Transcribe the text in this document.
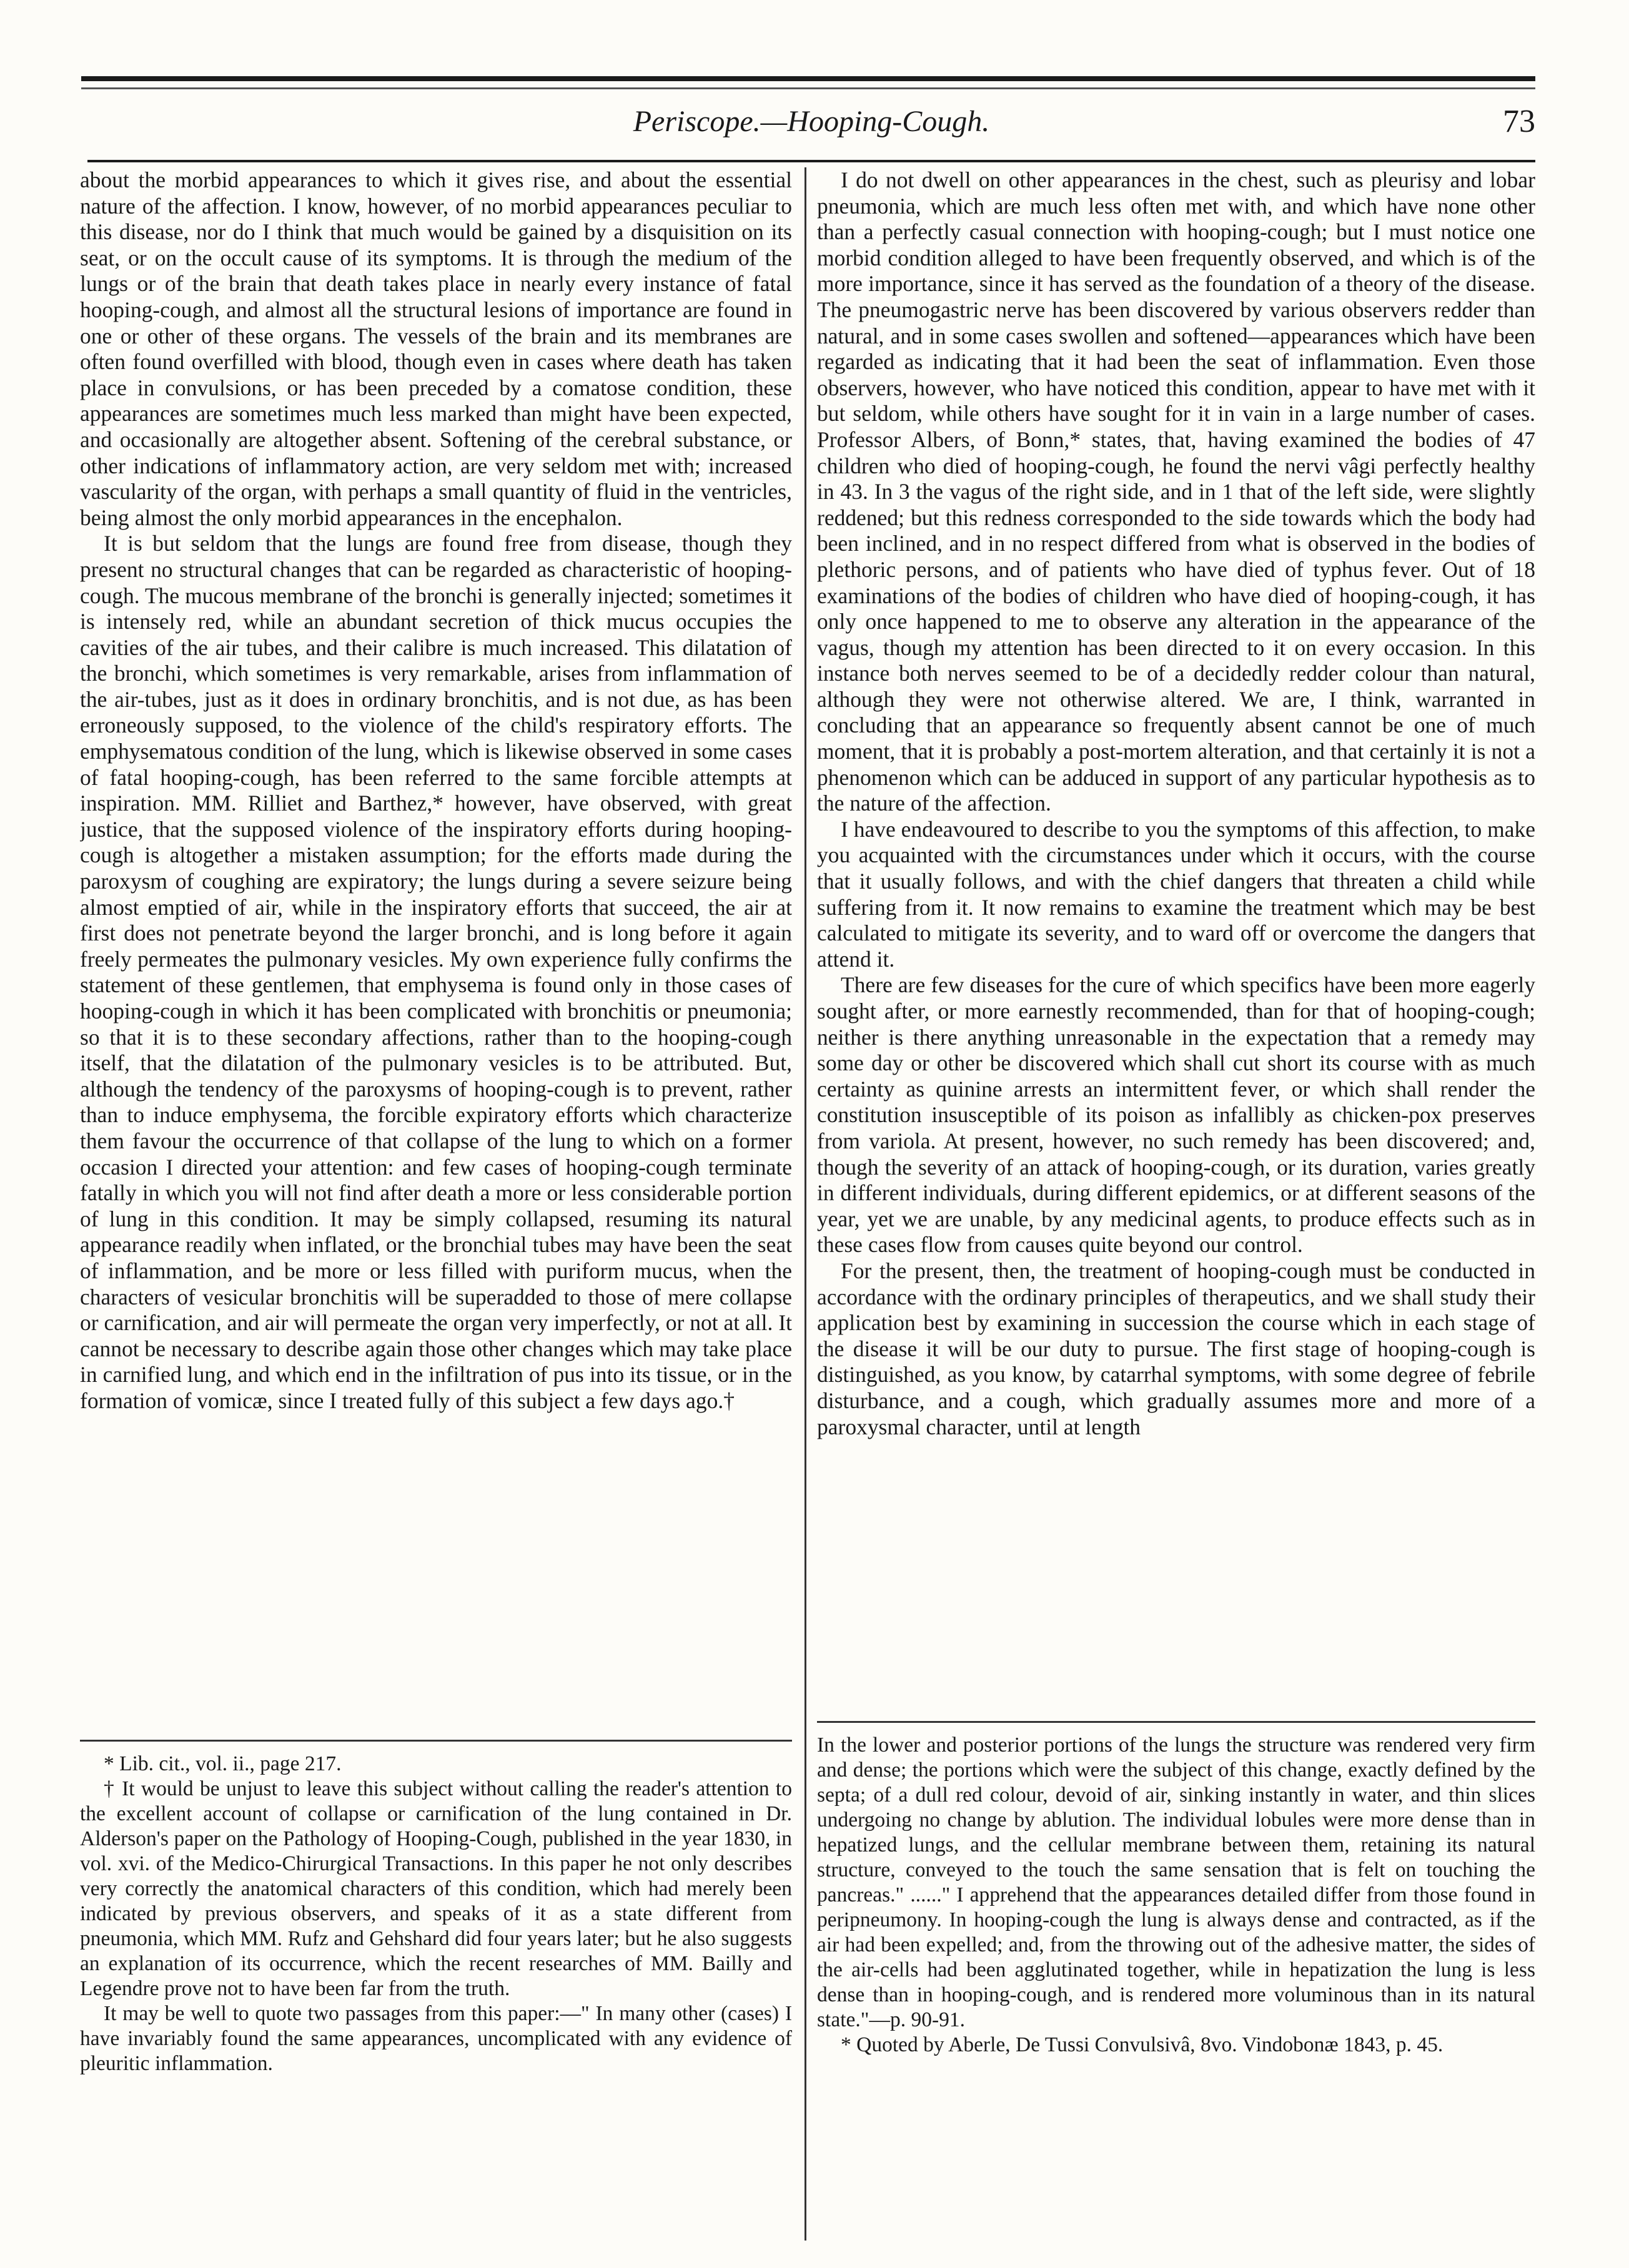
Periscope.—Hooping-Cough.	73

about the morbid appearances to which it gives rise, and about the essential nature of the affection. I know, however, of no morbid appearances peculiar to this disease, nor do I think that much would be gained by a disquisition on its seat, or on the occult cause of its symptoms. It is through the medium of the lungs or of the brain that death takes place in nearly every instance of fatal hooping-cough, and almost all the structural lesions of importance are found in one or other of these organs. The vessels of the brain and its membranes are often found overfilled with blood, though even in cases where death has taken place in convulsions, or has been preceded by a comatose condition, these appearances are sometimes much less marked than might have been expected, and occasionally are altogether absent. Softening of the cerebral substance, or other indications of inflammatory action, are very seldom met with; increased vascularity of the organ, with perhaps a small quantity of fluid in the ventricles, being almost the only morbid appearances in the encephalon.

It is but seldom that the lungs are found free from disease, though they present no structural changes that can be regarded as characteristic of hooping-cough. The mucous membrane of the bronchi is generally injected; sometimes it is intensely red, while an abundant secretion of thick mucus occupies the cavities of the air tubes, and their calibre is much increased. This dilatation of the bronchi, which sometimes is very remarkable, arises from inflammation of the air-tubes, just as it does in ordinary bronchitis, and is not due, as has been erroneously supposed, to the violence of the child's respiratory efforts. The emphysematous condition of the lung, which is likewise observed in some cases of fatal hooping-cough, has been referred to the same forcible attempts at inspiration. MM. Rilliet and Barthez,* however, have observed, with great justice, that the supposed violence of the inspiratory efforts during hooping-cough is altogether a mistaken assumption; for the efforts made during the paroxysm of coughing are expiratory; the lungs during a severe seizure being almost emptied of air, while in the inspiratory efforts that succeed, the air at first does not penetrate beyond the larger bronchi, and is long before it again freely permeates the pulmonary vesicles. My own experience fully confirms the statement of these gentlemen, that emphysema is found only in those cases of hooping-cough in which it has been complicated with bronchitis or pneumonia; so that it is to these secondary affections, rather than to the hooping-cough itself, that the dilatation of the pulmonary vesicles is to be attributed. But, although the tendency of the paroxysms of hooping-cough is to prevent, rather than to induce emphysema, the forcible expiratory efforts which characterize them favour the occurrence of that collapse of the lung to which on a former occasion I directed your attention: and few cases of hooping-cough terminate fatally in which you will not find after death a more or less considerable portion of lung in this condition. It may be simply collapsed, resuming its natural appearance readily when inflated, or the bronchial tubes may have been the seat of inflammation, and be more or less filled with puriform mucus, when the characters of vesicular bronchitis will be superadded to those of mere collapse or carnification, and air will permeate the organ very imperfectly, or not at all. It cannot be necessary to describe again those other changes which may take place in carnified lung, and which end in the infiltration of pus into its tissue, or in the formation of vomicæ, since I treated fully of this subject a few days ago.†

* Lib. cit., vol. ii., page 217.

† It would be unjust to leave this subject without calling the reader's attention to the excellent account of collapse or carnification of the lung contained in Dr. Alderson's paper on the Pathology of Hooping-Cough, published in the year 1830, in vol. xvi. of the Medico-Chirurgical Transactions. In this paper he not only describes very correctly the anatomical characters of this condition, which had merely been indicated by previous observers, and speaks of it as a state different from pneumonia, which MM. Rufz and Gehshard did four years later; but he also suggests an explanation of its occurrence, which the recent researches of MM. Bailly and Legendre prove not to have been far from the truth.

It may be well to quote two passages from this paper:—" In many other (cases) I have invariably found the same appearances, uncomplicated with any evidence of pleuritic inflammation.

I do not dwell on other appearances in the chest, such as pleurisy and lobar pneumonia, which are much less often met with, and which have none other than a perfectly casual connection with hooping-cough; but I must notice one morbid condition alleged to have been frequently observed, and which is of the more importance, since it has served as the foundation of a theory of the disease. The pneumogastric nerve has been discovered by various observers redder than natural, and in some cases swollen and softened—appearances which have been regarded as indicating that it had been the seat of inflammation. Even those observers, however, who have noticed this condition, appear to have met with it but seldom, while others have sought for it in vain in a large number of cases. Professor Albers, of Bonn,* states, that, having examined the bodies of 47 children who died of hooping-cough, he found the nervi vâgi perfectly healthy in 43. In 3 the vagus of the right side, and in 1 that of the left side, were slightly reddened; but this redness corresponded to the side towards which the body had been inclined, and in no respect differed from what is observed in the bodies of plethoric persons, and of patients who have died of typhus fever. Out of 18 examinations of the bodies of children who have died of hooping-cough, it has only once happened to me to observe any alteration in the appearance of the vagus, though my attention has been directed to it on every occasion. In this instance both nerves seemed to be of a decidedly redder colour than natural, although they were not otherwise altered. We are, I think, warranted in concluding that an appearance so frequently absent cannot be one of much moment, that it is probably a post-mortem alteration, and that certainly it is not a phenomenon which can be adduced in support of any particular hypothesis as to the nature of the affection.

I have endeavoured to describe to you the symptoms of this affection, to make you acquainted with the circumstances under which it occurs, with the course that it usually follows, and with the chief dangers that threaten a child while suffering from it. It now remains to examine the treatment which may be best calculated to mitigate its severity, and to ward off or overcome the dangers that attend it.

There are few diseases for the cure of which specifics have been more eagerly sought after, or more earnestly recommended, than for that of hooping-cough; neither is there anything unreasonable in the expectation that a remedy may some day or other be discovered which shall cut short its course with as much certainty as quinine arrests an intermittent fever, or which shall render the constitution insusceptible of its poison as infallibly as chicken-pox preserves from variola. At present, however, no such remedy has been discovered; and, though the severity of an attack of hooping-cough, or its duration, varies greatly in different individuals, during different epidemics, or at different seasons of the year, yet we are unable, by any medicinal agents, to produce effects such as in these cases flow from causes quite beyond our control.

For the present, then, the treatment of hooping-cough must be conducted in accordance with the ordinary principles of therapeutics, and we shall study their application best by examining in succession the course which in each stage of the disease it will be our duty to pursue. The first stage of hooping-cough is distinguished, as you know, by catarrhal symptoms, with some degree of febrile disturbance, and a cough, which gradually assumes more and more of a paroxysmal character, until at length

In the lower and posterior portions of the lungs the structure was rendered very firm and dense; the portions which were the subject of this change, exactly defined by the septa; of a dull red colour, devoid of air, sinking instantly in water, and thin slices undergoing no change by ablution. The individual lobules were more dense than in hepatized lungs, and the cellular membrane between them, retaining its natural structure, conveyed to the touch the same sensation that is felt on touching the pancreas." ......" I apprehend that the appearances detailed differ from those found in peripneumony. In hooping-cough the lung is always dense and contracted, as if the air had been expelled; and, from the throwing out of the adhesive matter, the sides of the air-cells had been agglutinated together, while in hepatization the lung is less dense than in hooping-cough, and is rendered more voluminous than in its natural state."—p. 90-91.

* Quoted by Aberle, De Tussi Convulsivâ, 8vo. Vindobonæ 1843, p. 45.
